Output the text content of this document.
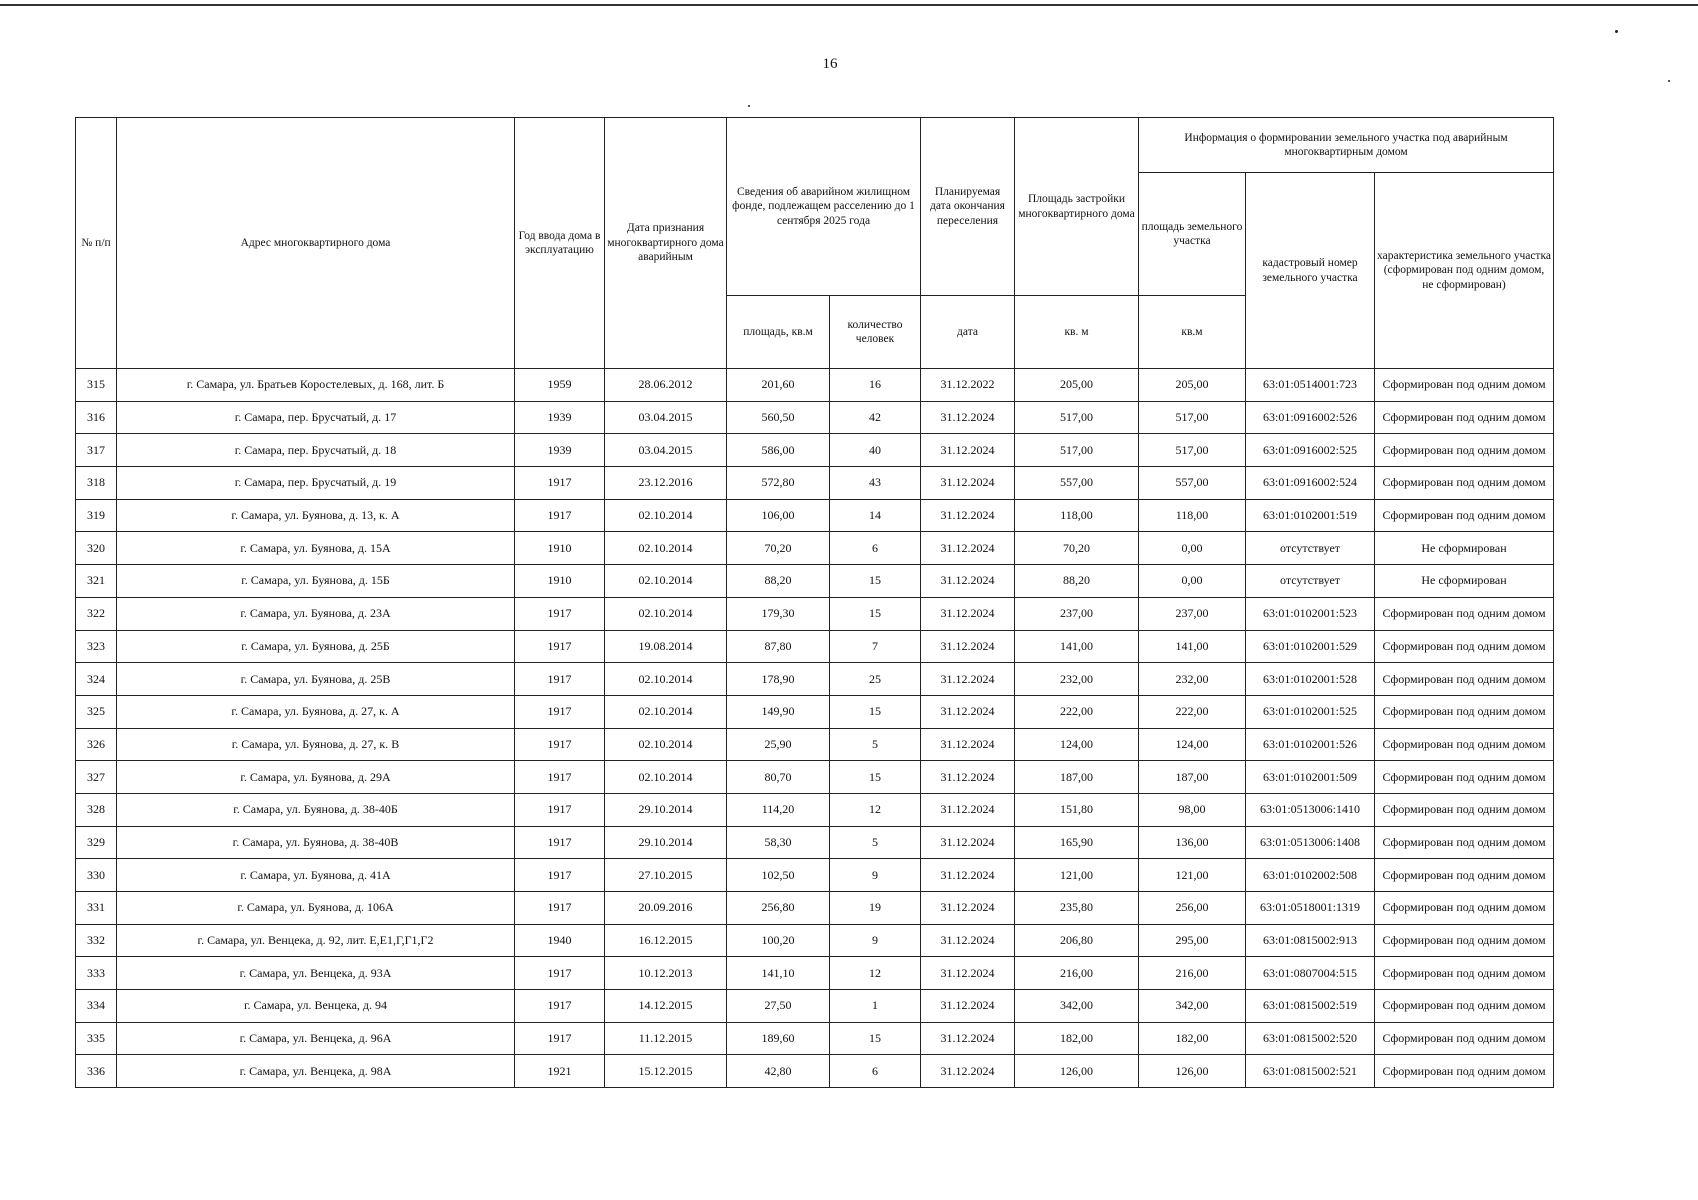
16
№ п/п	Адрес многоквартирного дома	Год ввода дома в эксплуатацию	Дата признания многоквартирного дома аварийным	Сведения об аварийном жилищном фонде, подлежащем расселению до 1 сентября 2025 года		Планируемая дата окончания переселения	Площадь застройки многоквартирного дома	Информация о формировании земельного участка под аварийным многоквартирным домом		
								площадь земельного участка	кадастровый номер земельного участка	характеристика земельного участка (сформирован под одним домом, не сформирован)
				площадь, кв.м	количество человек	дата	кв. м	кв.м		
315	г. Самара, ул. Братьев Коростелевых, д. 168, лит. Б	1959	28.06.2012	201,60	16	31.12.2022	205,00	205,00	63:01:0514001:723	Сформирован под одним домом
316	г. Самара, пер. Брусчатый, д. 17	1939	03.04.2015	560,50	42	31.12.2024	517,00	517,00	63:01:0916002:526	Сформирован под одним домом
317	г. Самара, пер. Брусчатый, д. 18	1939	03.04.2015	586,00	40	31.12.2024	517,00	517,00	63:01:0916002:525	Сформирован под одним домом
318	г. Самара, пер. Брусчатый, д. 19	1917	23.12.2016	572,80	43	31.12.2024	557,00	557,00	63:01:0916002:524	Сформирован под одним домом
319	г. Самара, ул. Буянова, д. 13, к. А	1917	02.10.2014	106,00	14	31.12.2024	118,00	118,00	63:01:0102001:519	Сформирован под одним домом
320	г. Самара, ул. Буянова, д. 15А	1910	02.10.2014	70,20	6	31.12.2024	70,20	0,00	отсутствует	Не сформирован
321	г. Самара, ул. Буянова, д. 15Б	1910	02.10.2014	88,20	15	31.12.2024	88,20	0,00	отсутствует	Не сформирован
322	г. Самара, ул. Буянова, д. 23А	1917	02.10.2014	179,30	15	31.12.2024	237,00	237,00	63:01:0102001:523	Сформирован под одним домом
323	г. Самара, ул. Буянова, д. 25Б	1917	19.08.2014	87,80	7	31.12.2024	141,00	141,00	63:01:0102001:529	Сформирован под одним домом
324	г. Самара, ул. Буянова, д. 25В	1917	02.10.2014	178,90	25	31.12.2024	232,00	232,00	63:01:0102001:528	Сформирован под одним домом
325	г. Самара, ул. Буянова, д. 27, к. А	1917	02.10.2014	149,90	15	31.12.2024	222,00	222,00	63:01:0102001:525	Сформирован под одним домом
326	г. Самара, ул. Буянова, д. 27, к. В	1917	02.10.2014	25,90	5	31.12.2024	124,00	124,00	63:01:0102001:526	Сформирован под одним домом
327	г. Самара, ул. Буянова, д. 29А	1917	02.10.2014	80,70	15	31.12.2024	187,00	187,00	63:01:0102001:509	Сформирован под одним домом
328	г. Самара, ул. Буянова, д. 38-40Б	1917	29.10.2014	114,20	12	31.12.2024	151,80	98,00	63:01:0513006:1410	Сформирован под одним домом
329	г. Самара, ул. Буянова, д. 38-40В	1917	29.10.2014	58,30	5	31.12.2024	165,90	136,00	63:01:0513006:1408	Сформирован под одним домом
330	г. Самара, ул. Буянова, д. 41А	1917	27.10.2015	102,50	9	31.12.2024	121,00	121,00	63:01:0102002:508	Сформирован под одним домом
331	г. Самара, ул. Буянова, д. 106А	1917	20.09.2016	256,80	19	31.12.2024	235,80	256,00	63:01:0518001:1319	Сформирован под одним домом
332	г. Самара, ул. Венцека, д. 92, лит. Е,Е1,Г,Г1,Г2	1940	16.12.2015	100,20	9	31.12.2024	206,80	295,00	63:01:0815002:913	Сформирован под одним домом
333	г. Самара, ул. Венцека, д. 93А	1917	10.12.2013	141,10	12	31.12.2024	216,00	216,00	63:01:0807004:515	Сформирован под одним домом
334	г. Самара, ул. Венцека, д. 94	1917	14.12.2015	27,50	1	31.12.2024	342,00	342,00	63:01:0815002:519	Сформирован под одним домом
335	г. Самара, ул. Венцека, д. 96А	1917	11.12.2015	189,60	15	31.12.2024	182,00	182,00	63:01:0815002:520	Сформирован под одним домом
336	г. Самара, ул. Венцека, д. 98А	1921	15.12.2015	42,80	6	31.12.2024	126,00	126,00	63:01:0815002:521	Сформирован под одним домом
